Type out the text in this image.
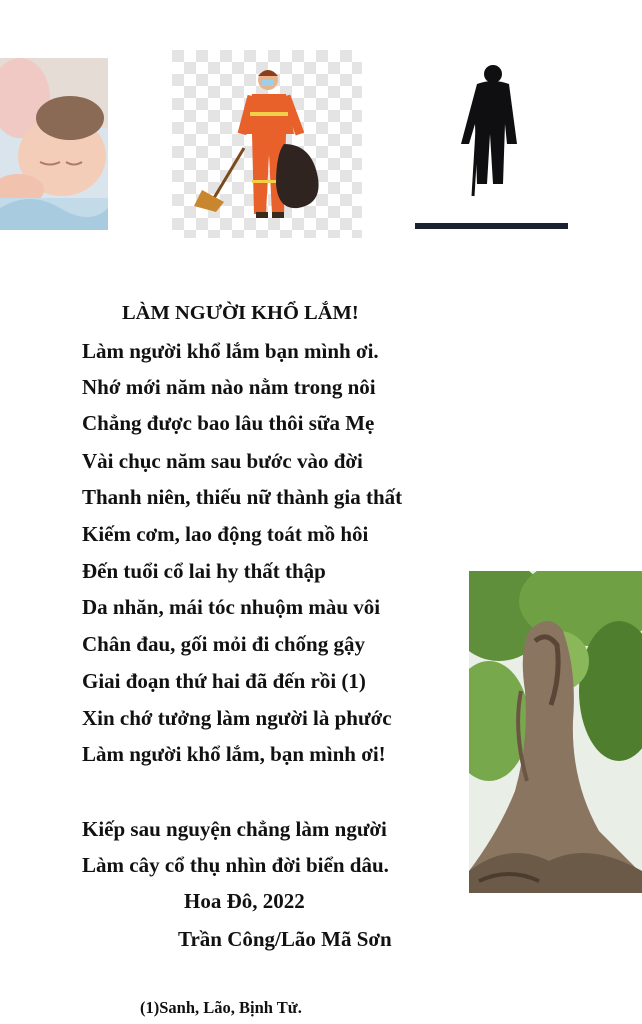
LÀM NGƯỜI KHỔ LẮM!
Làm người khổ lắm bạn mình ơi.
Nhớ mới năm nào nằm trong nôi
Chẳng được bao lâu thôi sữa Mẹ
Vài chục năm sau bước vào đời
Thanh niên, thiếu nữ thành gia thất
Kiếm cơm, lao động toát mồ hôi
Đến tuổi cổ lai hy thất thập
Da nhăn, mái tóc nhuộm màu vôi
Chân đau, gối mỏi đi chống gậy
Giai đoạn thứ hai đã đến rồi (1)
Xin chớ tưởng làm người là phước
Làm người khổ lắm, bạn mình ơi!
Kiếp sau nguyện chẳng làm người
Làm cây cổ thụ nhìn đời biển dâu.
Hoa Đô, 2022
Trần Công/Lão Mã Sơn
(1)Sanh, Lão, Bịnh Tử.
